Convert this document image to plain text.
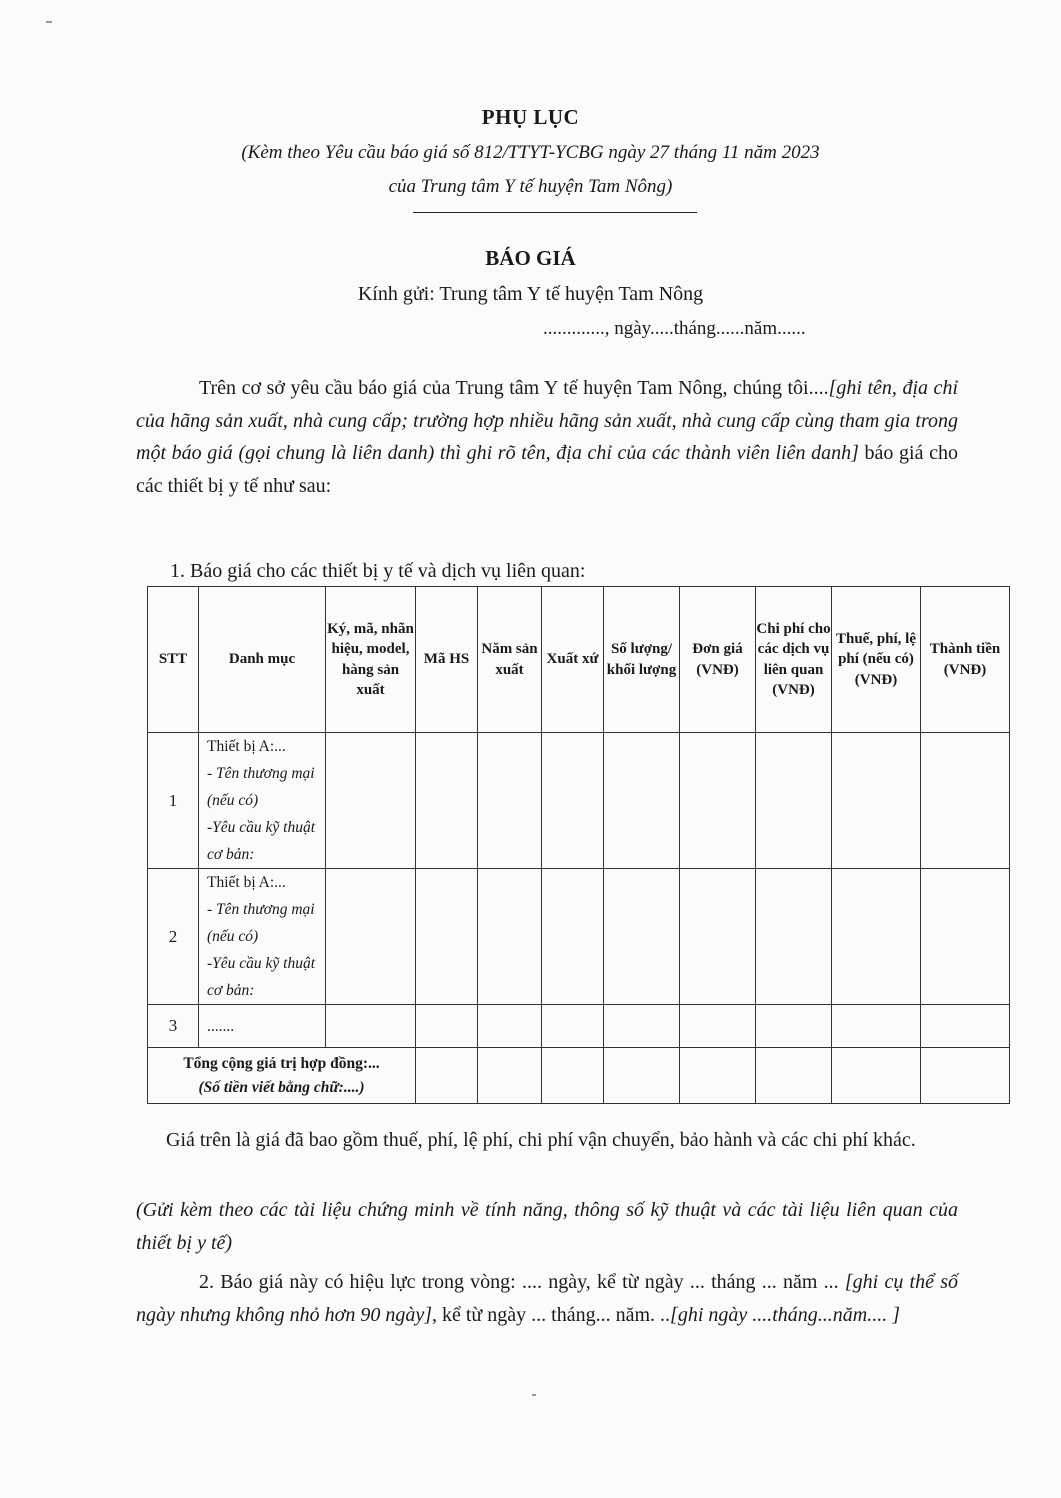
PHỤ LỤC
(Kèm theo Yêu cầu báo giá số 812/TTYT-YCBG ngày 27 tháng 11 năm 2023
của Trung tâm Y tế huyện Tam Nông)
BÁO GIÁ
Kính gửi: Trung tâm Y tế huyện Tam Nông
............., ngày.....tháng......năm......
Trên cơ sở yêu cầu báo giá của Trung tâm Y tế huyện Tam Nông, chúng tôi....[ghi tên, địa chỉ của hãng sản xuất, nhà cung cấp; trường hợp nhiều hãng sản xuất, nhà cung cấp cùng tham gia trong một báo giá (gọi chung là liên danh) thì ghi rõ tên, địa chỉ của các thành viên liên danh] báo giá cho các thiết bị y tế như sau:
1. Báo giá cho các thiết bị y tế và dịch vụ liên quan:
STT	Danh mục	Ký, mã, nhãn hiệu, model, hàng sản xuất	Mã HS	Năm sản xuất	Xuất xứ	Số lượng/ khối lượng	Đơn giá (VNĐ)	Chi phí cho các dịch vụ liên quan (VNĐ)	Thuế, phí, lệ phí (nếu có) (VNĐ)	Thành tiền (VNĐ)
1	Thiết bị A:...
- Tên thương mại (nếu có)
-Yêu cầu kỹ thuật cơ bản:									

2	Thiết bị A:...
- Tên thương mại (nếu có)
-Yêu cầu kỹ thuật cơ bản:									

3	.......									
Tổng cộng giá trị hợp đồng:...
(Số tiền viết bằng chữ:....)										

Giá trên là giá đã bao gồm thuế, phí, lệ phí, chi phí vận chuyển, bảo hành và các chi phí khác.
(Gửi kèm theo các tài liệu chứng minh về tính năng, thông số kỹ thuật và các tài liệu liên quan của thiết bị y tế)
2. Báo giá này có hiệu lực trong vòng: .... ngày, kể từ ngày ... tháng ... năm ... [ghi cụ thể số ngày nhưng không nhỏ hơn 90 ngày], kể từ ngày ... tháng... năm. ..[ghi ngày ....tháng...năm.... ]
